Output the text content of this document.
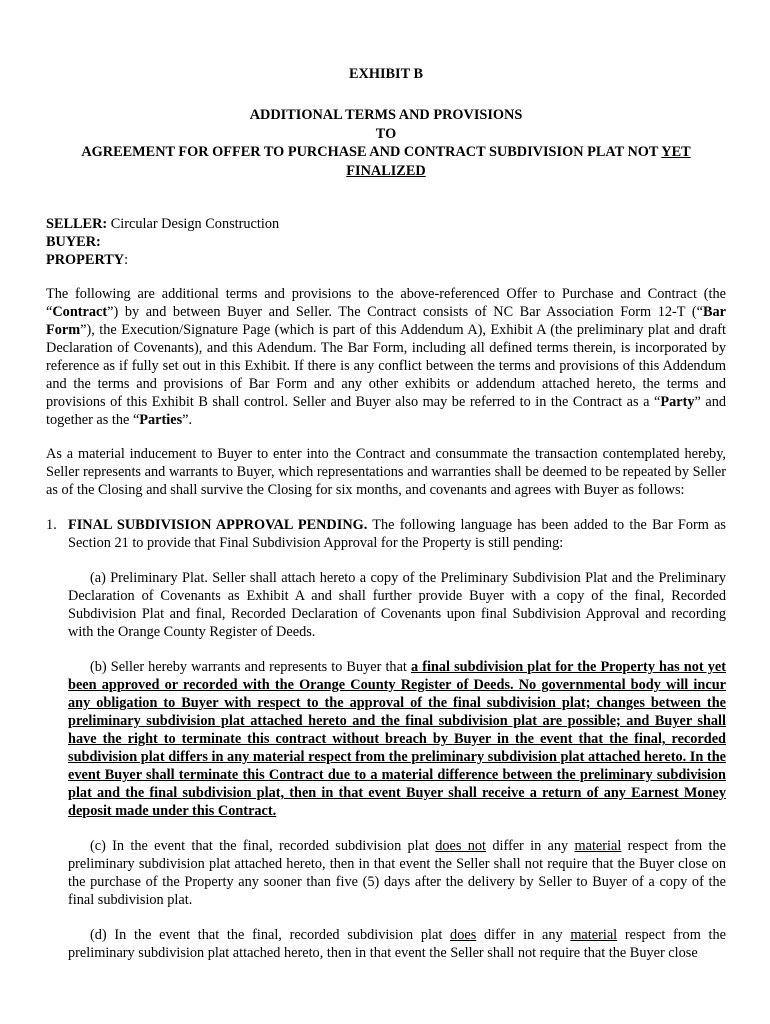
EXHIBIT B

ADDITIONAL TERMS AND PROVISIONS

TO

AGREEMENT FOR OFFER TO PURCHASE AND CONTRACT SUBDIVISION PLAT NOT YET

FINALIZED

SELLER: Circular Design Construction

BUYER:

PROPERTY:

The following are additional terms and provisions to the above-referenced Offer to Purchase and Contract (the “Contract”) by and between Buyer and Seller. The Contract consists of NC Bar Association Form 12-T (“Bar Form”), the Execution/Signature Page (which is part of this Addendum A), Exhibit A (the preliminary plat and draft Declaration of Covenants), and this Adendum. The Bar Form, including all defined terms therein, is incorporated by reference as if fully set out in this Exhibit. If there is any conflict between the terms and provisions of this Addendum and the terms and provisions of Bar Form and any other exhibits or addendum attached hereto, the terms and provisions of this Exhibit B shall control. Seller and Buyer also may be referred to in the Contract as a “Party” and together as the “Parties”.

As a material inducement to Buyer to enter into the Contract and consummate the transaction contemplated hereby, Seller represents and warrants to Buyer, which representations and warranties shall be deemed to be repeated by Seller as of the Closing and shall survive the Closing for six months, and covenants and agrees with Buyer as follows:

1. FINAL SUBDIVISION APPROVAL PENDING. The following language has been added to the Bar Form as Section 21 to provide that Final Subdivision Approval for the Property is still pending:

(a) Preliminary Plat. Seller shall attach hereto a copy of the Preliminary Subdivision Plat and the Preliminary Declaration of Covenants as Exhibit A and shall further provide Buyer with a copy of the final, Recorded Subdivision Plat and final, Recorded Declaration of Covenants upon final Subdivision Approval and recording with the Orange County Register of Deeds.

(b) Seller hereby warrants and represents to Buyer that a final subdivision plat for the Property has not yet been approved or recorded with the Orange County Register of Deeds. No governmental body will incur any obligation to Buyer with respect to the approval of the final subdivision plat; changes between the preliminary subdivision plat attached hereto and the final subdivision plat are possible; and Buyer shall have the right to terminate this contract without breach by Buyer in the event that the final, recorded subdivision plat differs in any material respect from the preliminary subdivision plat attached hereto. In the event Buyer shall terminate this Contract due to a material difference between the preliminary subdivision plat and the final subdivision plat, then in that event Buyer shall receive a return of any Earnest Money deposit made under this Contract.

(c) In the event that the final, recorded subdivision plat does not differ in any material respect from the preliminary subdivision plat attached hereto, then in that event the Seller shall not require that the Buyer close on the purchase of the Property any sooner than five (5) days after the delivery by Seller to Buyer of a copy of the final subdivision plat.

(d) In the event that the final, recorded subdivision plat does differ in any material respect from the preliminary subdivision plat attached hereto, then in that event the Seller shall not require that the Buyer close
